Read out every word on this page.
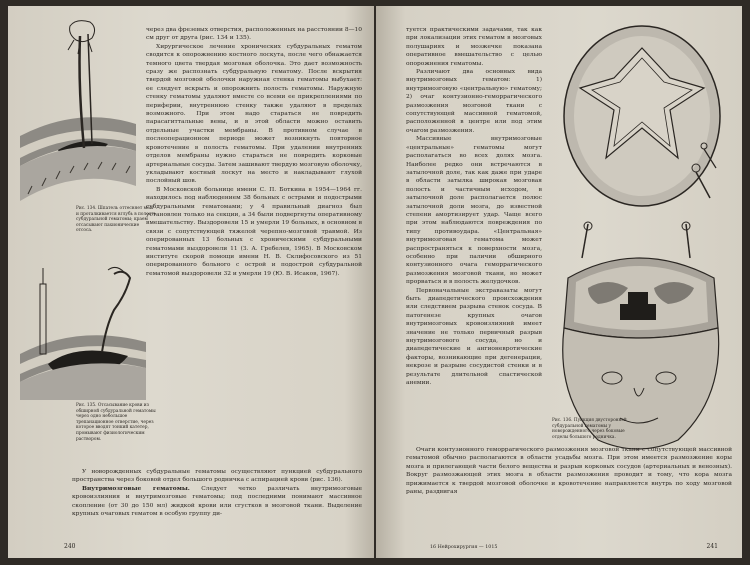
Рис. 134. Шпатель оттесняет мозг и проталкивается вглубь в полость субдуральной гематомы; краем отсасывают пахионические отсоса.

Рис. 135. Отсасывание крови из обширной субдуральной гематомы через одно небольшое трепанационное отверстие, через которое вводят тонкий катетер, промывают физиологическим раствором.

через два фрезевых отверстия, расположенных на расстоянии 8—10 см друг от друга (рис. 134 и 135).

Хирургическое лечение хронических субдуральных гематом сводится к опорожнению костного лоскута, после чего обнажается темного цвета твердая мозговая оболочка. Это дает возможность сразу же распознать субдуральную гематому. После вскрытия твердой мозговой оболочки наружная стенка гематомы выбухает: ее следует вскрыть и опорожнить полость гематомы. Наружную стенку гематомы удаляют вместе со всеми ее прикреплениями по периферии, внутреннюю стенку также удаляют в пределах возможного. При этом надо стараться не повредить парасагиттальные вены, и в этой области можно оставить отдельные участки мембраны. В противном случае в послеоперационном периоде может возникнуть повторное кровотечение в полость гематомы. При удалении внутренних отделов мембраны нужно стараться не повредить корковые артериальные сосуды. Затем зашивают твердую мозговую оболочку, укладывают костный лоскут на место и накладывают глухой послойный шов.

В Московской больнице имени С. П. Боткина в 1954—1964 гг. находилось под наблюдением 38 больных с острыми и подострыми субдуральными гематомами; у 4 правильный диагноз был установлен только на секции, а 34 были подвергнуты оперативному вмешательству. Выздоровели 15 и умерли 19 больных, в основном в связи с сопутствующей тяжелой черепно-мозговой травмой. Из оперированных 13 больных с хроническими субдуральными гематомами выздоровели 11 (З. А. Гребелев, 1965). В Московском институте скорой помощи имени Н. В. Склифосовского из 51 оперированного больного с острой и подострой субдуральной гематомой выздоровели 32 и умерли 19 (Ю. В. Исаков, 1967).

У новорожденных субдуральные гематомы осуществляют пункцией субдурального пространства через боковой отдел большого родничка с аспирацией крови (рис. 136).

Внутримозговые гематомы. Следует четко различать внутримозговые кровоизлияния и внутримозговые гематомы; под последними понимают массивное скопление (от 30 до 150 мл) жидкой крови или сгустков в мозговой ткани. Выделение крупных очаговых гематом в особую группу ди-

240

туется практическими задачами, так как при локализации этих гематом в мозговых полушариях и мозжечке показана оперативное вмешательство с целью опорожнения гематомы.

Различают два основных вида внутримозговых гематом: 1) внутримозговую «центральную» гематому; 2) очаг контузионно-геморрагического размозжения мозговой ткани с сопутствующей массивной гематомой, расположенной в центре или под этим очагом размозжения.

Массивные внутримозговые «центральные» гематомы могут располагаться во всех долях мозга. Наиболее редко они встречаются в затылочной доле, так как даже при ударе в области затылка широкая мозговая полость и частичным исходом, в затылочной доле располагается полюс затылочной доли мозга, до известной степени амортизирует удар. Чаще всего при этом наблюдаются повреждения по типу противоудара. «Центральная» внутримозговая гематома может распространяться к поверхности мозга, особенно при паличии обширного контузионного очага геморрагического размозжения мозговой ткани, но может прорваться и в полость желудочков.

Первоначальные экстравазаты могут быть диапедетического происхождения или следствием разрыва стенок сосуда. В патогенезе крупных очагов внутримозговых кровоизлияний имеет значение не только первичный разрыв внутримозгового сосуда, но и диапедетические и ангионевротические факторы, возникающие при дегенерации, некрозе и разрыве сосудистой стенки и в результате длительной спастической анемии.

Рис. 136. Пункция двусторонней субдуральной гематомы у новорожденного через боковые отделы большого родничка.

Очаги контузионного геморрагического размозжения мозговой ткани с сопутствующей массивной гематомой обычно располагаются в области усадьбы мозга. При этом имеется размозжение коры мозга и прилегающей части белого вещества и разрыв корковых сосудов (артериальных и венозных). Вокруг размозжающей этих мозга в области размозжения проводит и тому, что кора мозга прижимается к твердой мозговой оболочке и кровотечение направляется внутрь по ходу мозговой раны, раздвигая

16 Нейрохирургия — 1015	241
